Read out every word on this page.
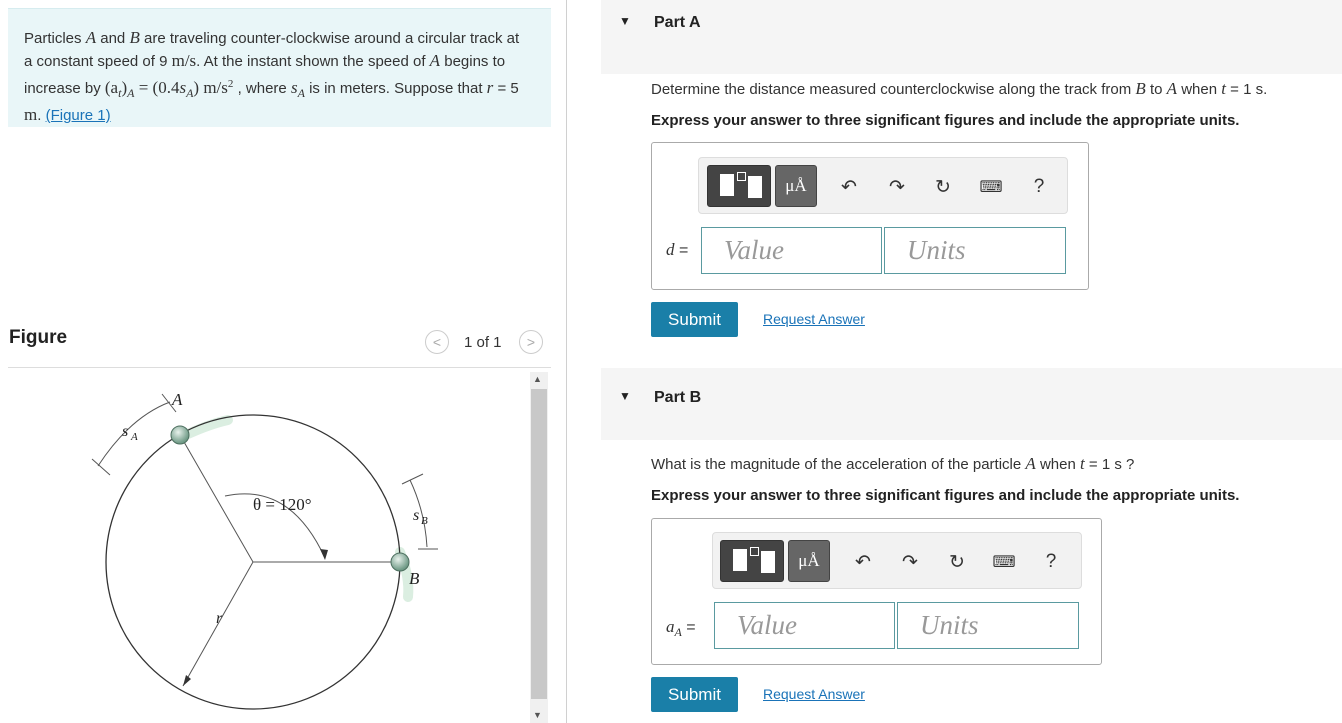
Particles A and B are traveling counter-clockwise around a circular track at a constant speed of 9 m/s. At the instant shown the speed of A begins to increase by $(a_t)_A = (0.4s_A)$ $m/s^2$ , where $s_A$ is in meters. Suppose that r = 5 m. (Figure 1)
Figure	< 1 of 1 >
A
B
s A
s B
θ = 120°
r
▲
▼
▼ Part A
Determine the distance measured counterclockwise along the track from B to A when t = 1 s.
Express your answer to three significant figures and include the appropriate units.
μÅ	↶ ↷ ↻	⌨	?
d =	Value	Units
Submit	Request Answer
▼ Part B
What is the magnitude of the acceleration of the particle A when t = 1 s ?
Express your answer to three significant figures and include the appropriate units.
μÅ	↶ ↷ ↻	⌨	?
$a_A$ =	Value	Units
Submit	Request Answer
